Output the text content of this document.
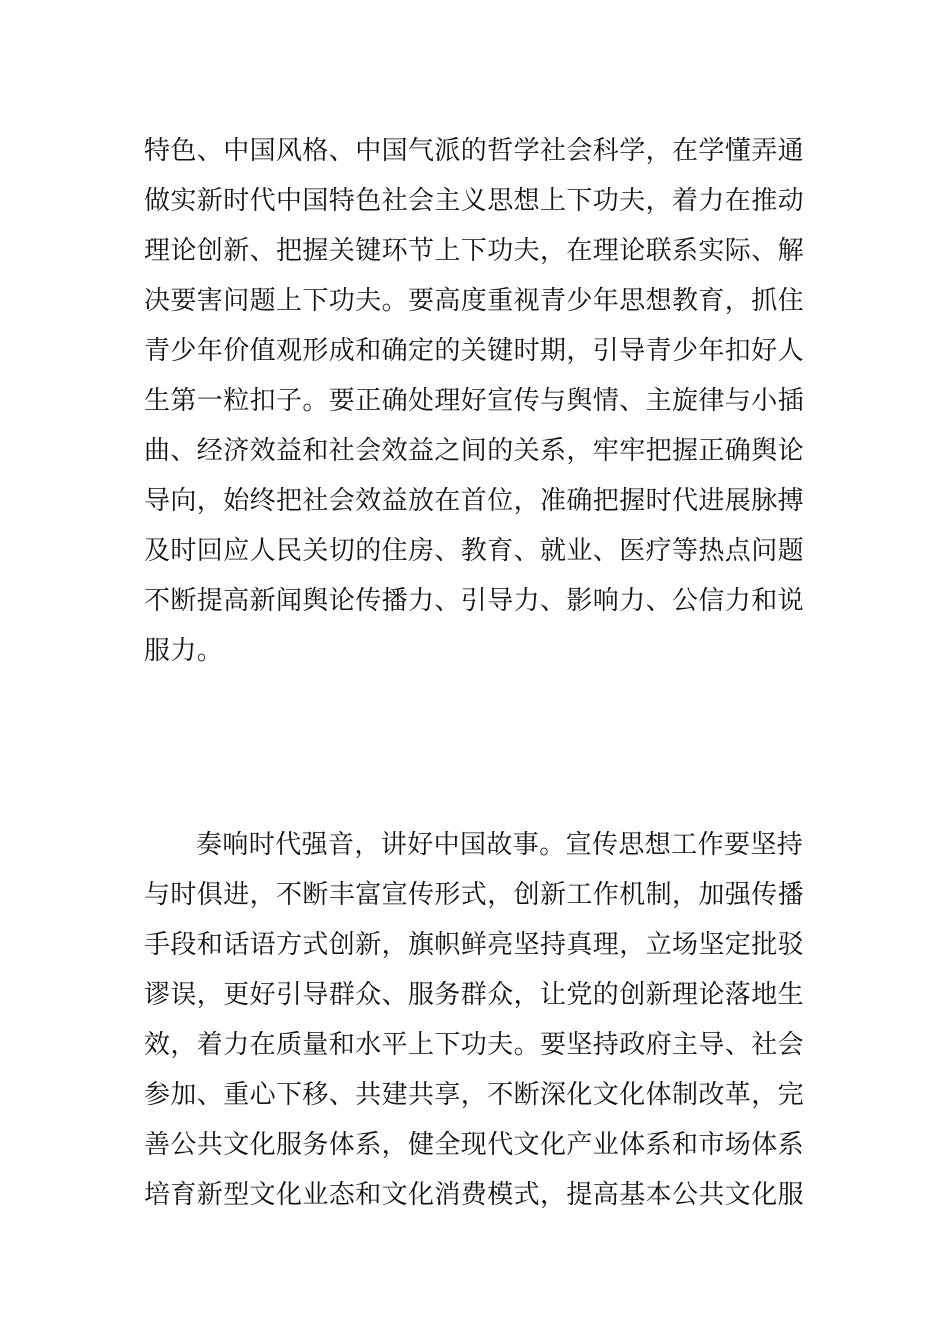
特色、中国风格、中国气派的哲学社会科学，在学懂弄通
做实新时代中国特色社会主义思想上下功夫，着力在推动
理论创新、把握关键环节上下功夫，在理论联系实际、解
决要害问题上下功夫。要高度重视青少年思想教育，抓住
青少年价值观形成和确定的关键时期，引导青少年扣好人
生第一粒扣子。要正确处理好宣传与舆情、主旋律与小插
曲、经济效益和社会效益之间的关系，牢牢把握正确舆论
导向，始终把社会效益放在首位，准确把握时代进展脉搏
及时回应人民关切的住房、教育、就业、医疗等热点问题
不断提高新闻舆论传播力、引导力、影响力、公信力和说
服力。
奏响时代强音，讲好中国故事。宣传思想工作要坚持
与时俱进，不断丰富宣传形式，创新工作机制，加强传播
手段和话语方式创新，旗帜鲜亮坚持真理，立场坚定批驳
谬误，更好引导群众、服务群众，让党的创新理论落地生
效，着力在质量和水平上下功夫。要坚持政府主导、社会
参加、重心下移、共建共享，不断深化文化体制改革，完
善公共文化服务体系，健全现代文化产业体系和市场体系
培育新型文化业态和文化消费模式，提高基本公共文化服
